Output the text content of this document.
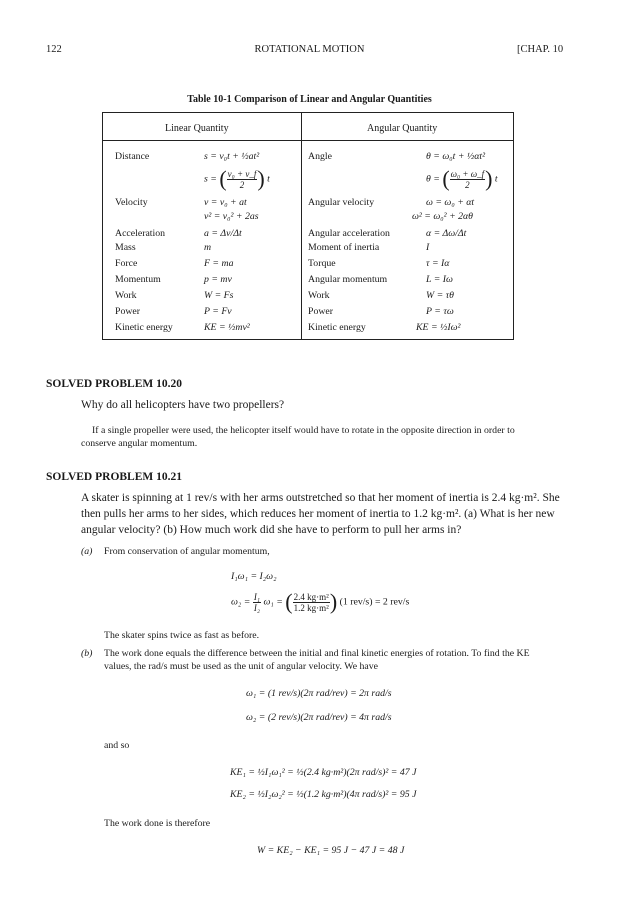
122	ROTATIONAL MOTION	[CHAP. 10
Table 10-1 Comparison of Linear and Angular Quantities
Linear Quantity	Angular Quantity
Distance	s = v₀t + ½at²	Angle	θ = ω₀t + ½αt²
s = ( $\frac{\text{v₀ + v\_f}}{2}$ ) t	θ = ( $\frac{\text{ω₀ + ω\_f}}{2}$ ) t
Velocity	v = v₀ + at	Angular velocity	ω = ω₀ + αt
v² = v₀² + 2as	ω² = ω₀² + 2αθ
Acceleration	a = Δv/Δt	Angular acceleration	α = Δω/Δt
Mass	m	Moment of inertia	I
Force	F = ma	Torque	τ = Iα
Momentum	p = mv	Angular momentum	L = Iω
Work	W = Fs	Work	W = τθ
Power	P = Fv	Power	P = τω
Kinetic energy	KE = ½mv²	Kinetic energy	KE = ½Iω²
SOLVED PROBLEM 10.20
Why do all helicopters have two propellers?
If a single propeller were used, the helicopter itself would have to rotate in the opposite direction in order to
conserve angular momentum.
SOLVED PROBLEM 10.21
A skater is spinning at 1 rev/s with her arms outstretched so that her moment of inertia is 2.4 kg·m². She
then pulls her arms to her sides, which reduces her moment of inertia to 1.2 kg·m². (a) What is her new
angular velocity? (b) How much work did she have to perform to pull her arms in?
(a) From conservation of angular momentum,
I₁ω₁ = I₂ω₂
$\omega_2 = \frac{\text{I₁}}{\text{I₂}} \omega_1$ = ( $\frac{\text{2.4 kg·m²}}{\text{1.2 kg·m²}}$ ) (1 rev/s) = 2 rev/s
The skater spins twice as fast as before.
(b) The work done equals the difference between the initial and final kinetic energies of rotation. To find the KE
values, the rad/s must be used as the unit of angular velocity. We have
ω₁ = (1 rev/s)(2π rad/rev) = 2π rad/s
ω₂ = (2 rev/s)(2π rad/rev) = 4π rad/s
and so
KE₁ = ½I₁ω₁² = ½(2.4 kg·m²)(2π rad/s)² = 47 J
KE₂ = ½I₂ω₂² = ½(1.2 kg·m²)(4π rad/s)² = 95 J
The work done is therefore
W = KE₂ − KE₁ = 95 J − 47 J = 48 J
